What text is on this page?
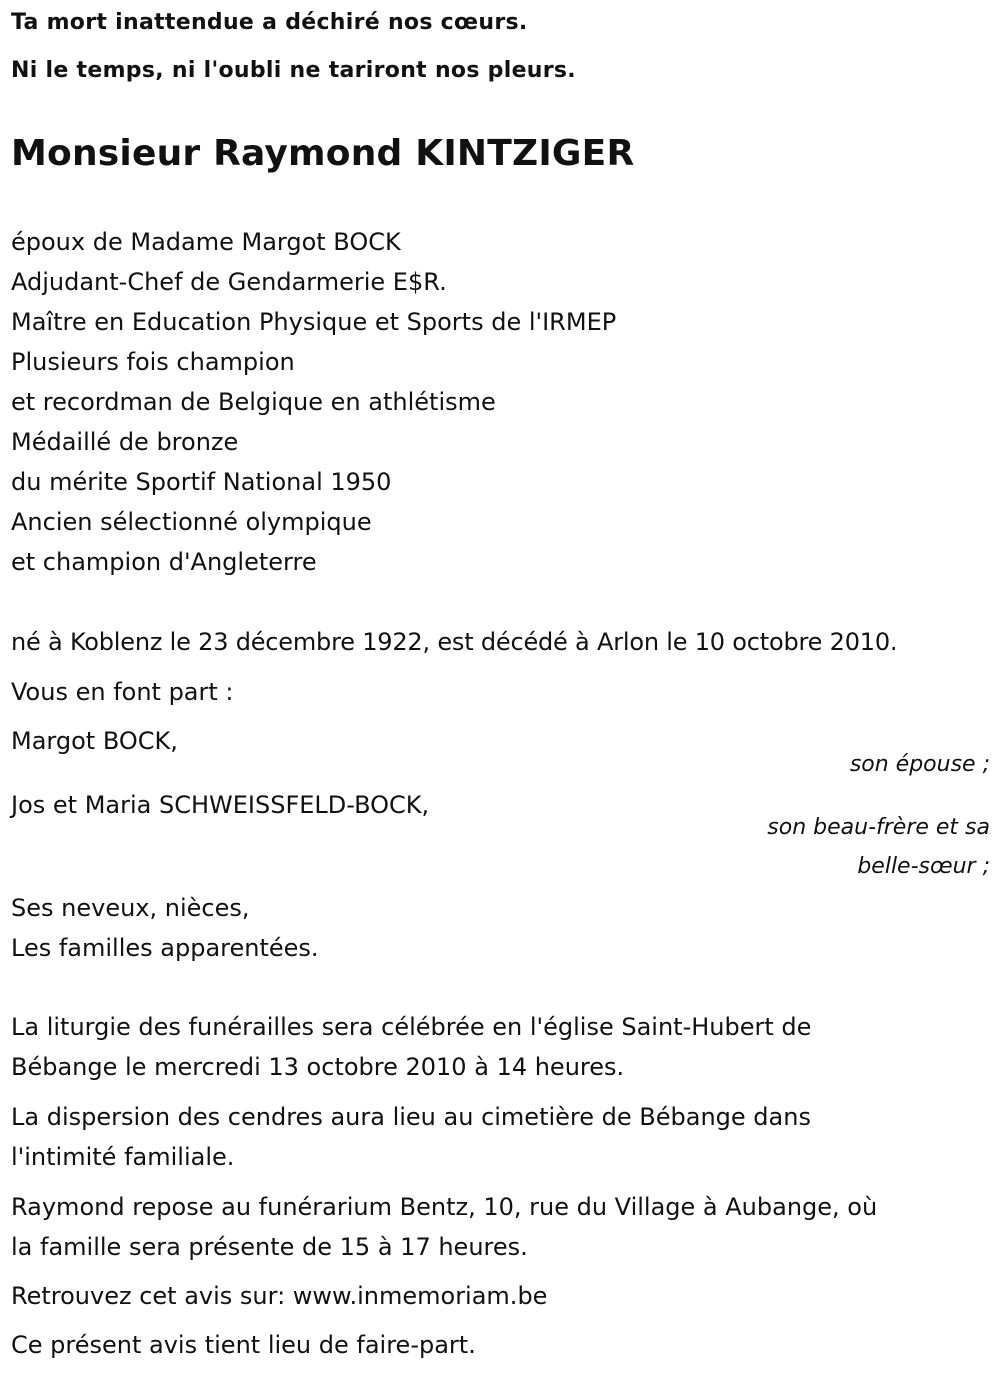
Ta mort inattendue a déchiré nos cœurs.
Ni le temps, ni l'oubli ne tariront nos pleurs.
Monsieur Raymond KINTZIGER
époux de Madame Margot BOCK
Adjudant-Chef de Gendarmerie E$R.
Maître en Education Physique et Sports de l'IRMEP
Plusieurs fois champion
et recordman de Belgique en athlétisme
Médaillé de bronze
du mérite Sportif National 1950
Ancien sélectionné olympique
et champion d'Angleterre
né à Koblenz le 23 décembre 1922, est décédé à Arlon le 10 octobre 2010.
Vous en font part :
Margot BOCK,
son épouse ;
Jos et Maria SCHWEISSFELD-BOCK,
son beau-frère et sa
belle-sœur ;
Ses neveux, nièces,
Les familles apparentées.
La liturgie des funérailles sera célébrée en l'église Saint-Hubert de
Bébange le mercredi 13 octobre 2010 à 14 heures.
La dispersion des cendres aura lieu au cimetière de Bébange dans
l'intimité familiale.
Raymond repose au funérarium Bentz, 10, rue du Village à Aubange, où
la famille sera présente de 15 à 17 heures.
Retrouvez cet avis sur: www.inmemoriam.be
Ce présent avis tient lieu de faire-part.
